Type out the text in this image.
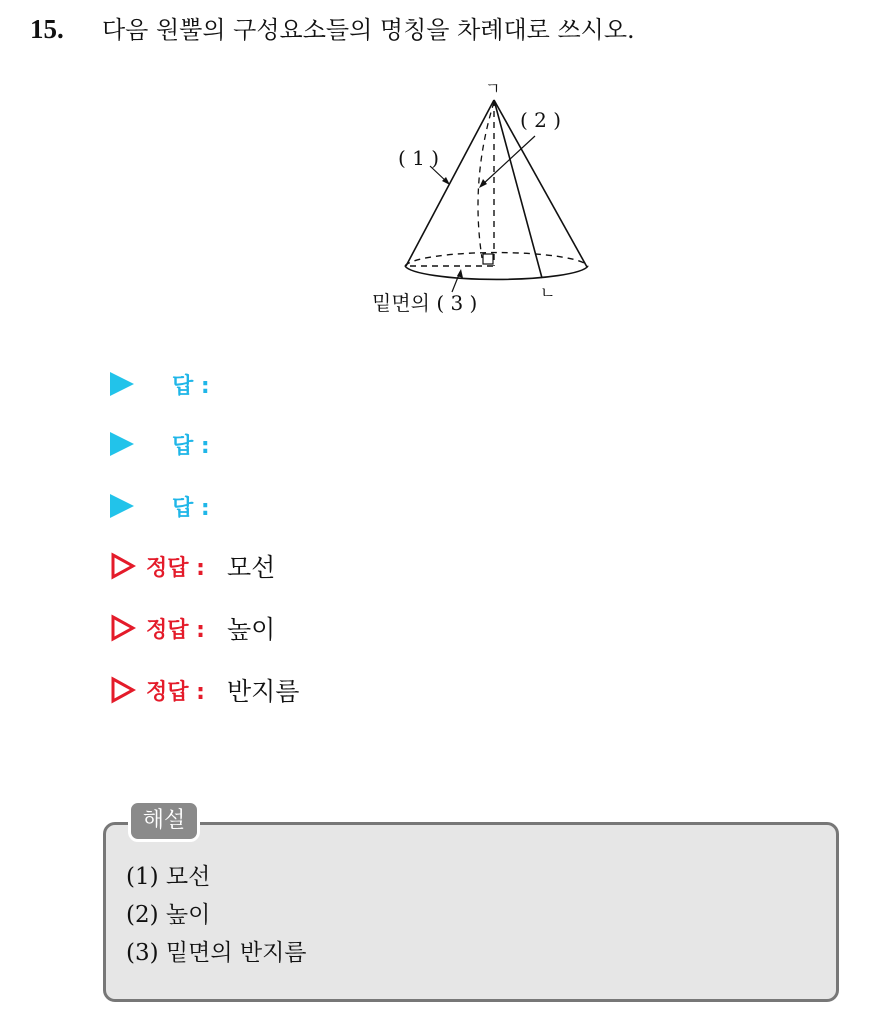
15. 다음 원뿔의 구성요소들의 명칭을 차례대로 쓰시오.
ㄱ
ㄴ
( 1 )
( 2 )
밑면의 ( 3 )
답 :
답 :
답 :
정답 : 모선
정답 : 높이
정답 : 반지름
해설
(1) 모선
(2) 높이
(3) 밑면의 반지름
